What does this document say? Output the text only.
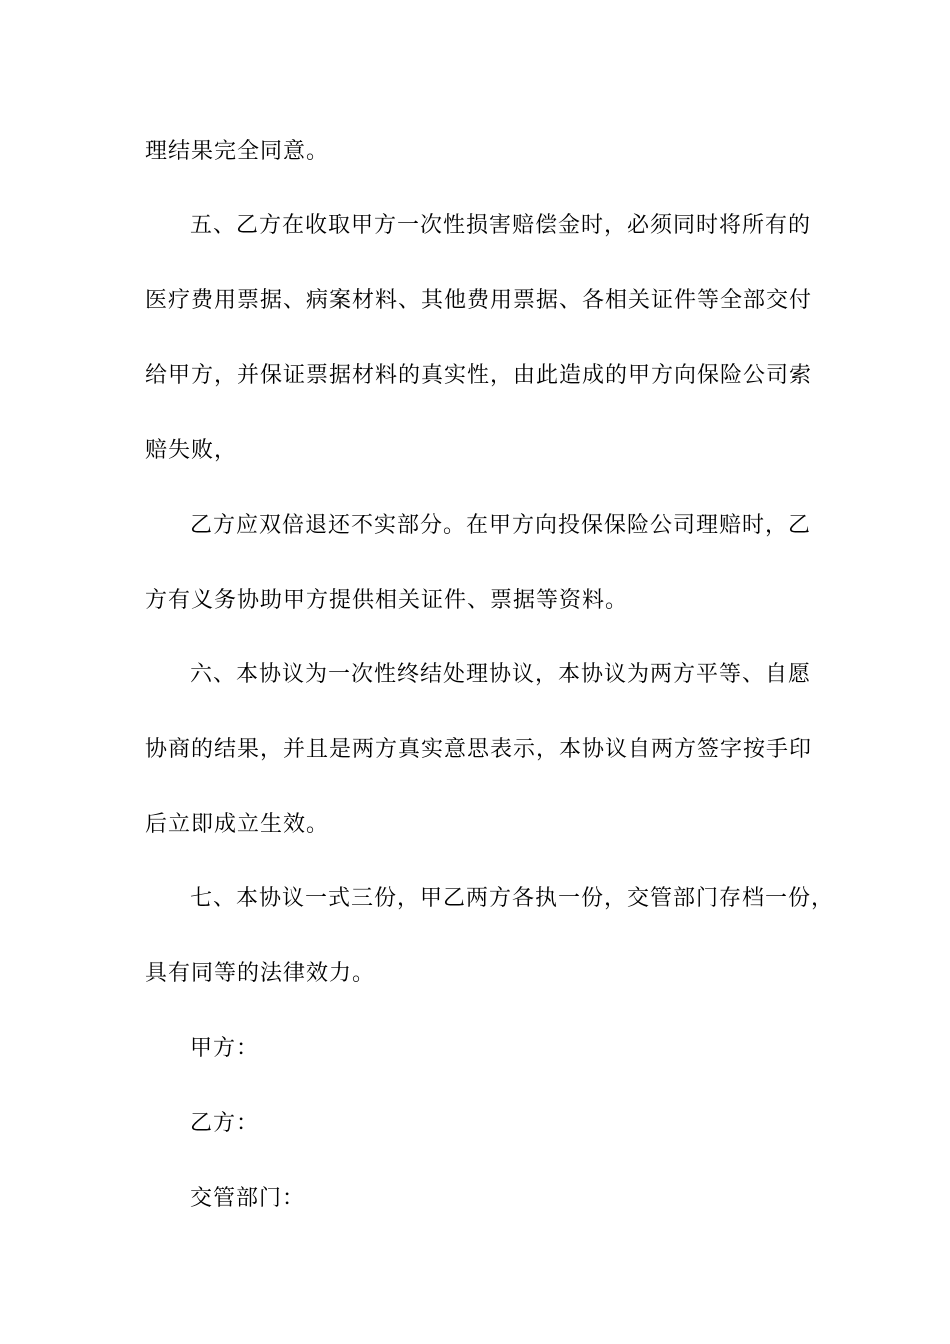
理结果完全同意。
五、乙方在收取甲方一次性损害赔偿金时，必须同时将所有的
医疗费用票据、病案材料、其他费用票据、各相关证件等全部交付
给甲方，并保证票据材料的真实性，由此造成的甲方向保险公司索
赔失败，
乙方应双倍退还不实部分。在甲方向投保保险公司理赔时，乙
方有义务协助甲方提供相关证件、票据等资料。
六、本协议为一次性终结处理协议，本协议为两方平等、自愿
协商的结果，并且是两方真实意思表示，本协议自两方签字按手印
后立即成立生效。
七、本协议一式三份，甲乙两方各执一份，交管部门存档一份，
具有同等的法律效力。
甲方：
乙方：
交管部门：
